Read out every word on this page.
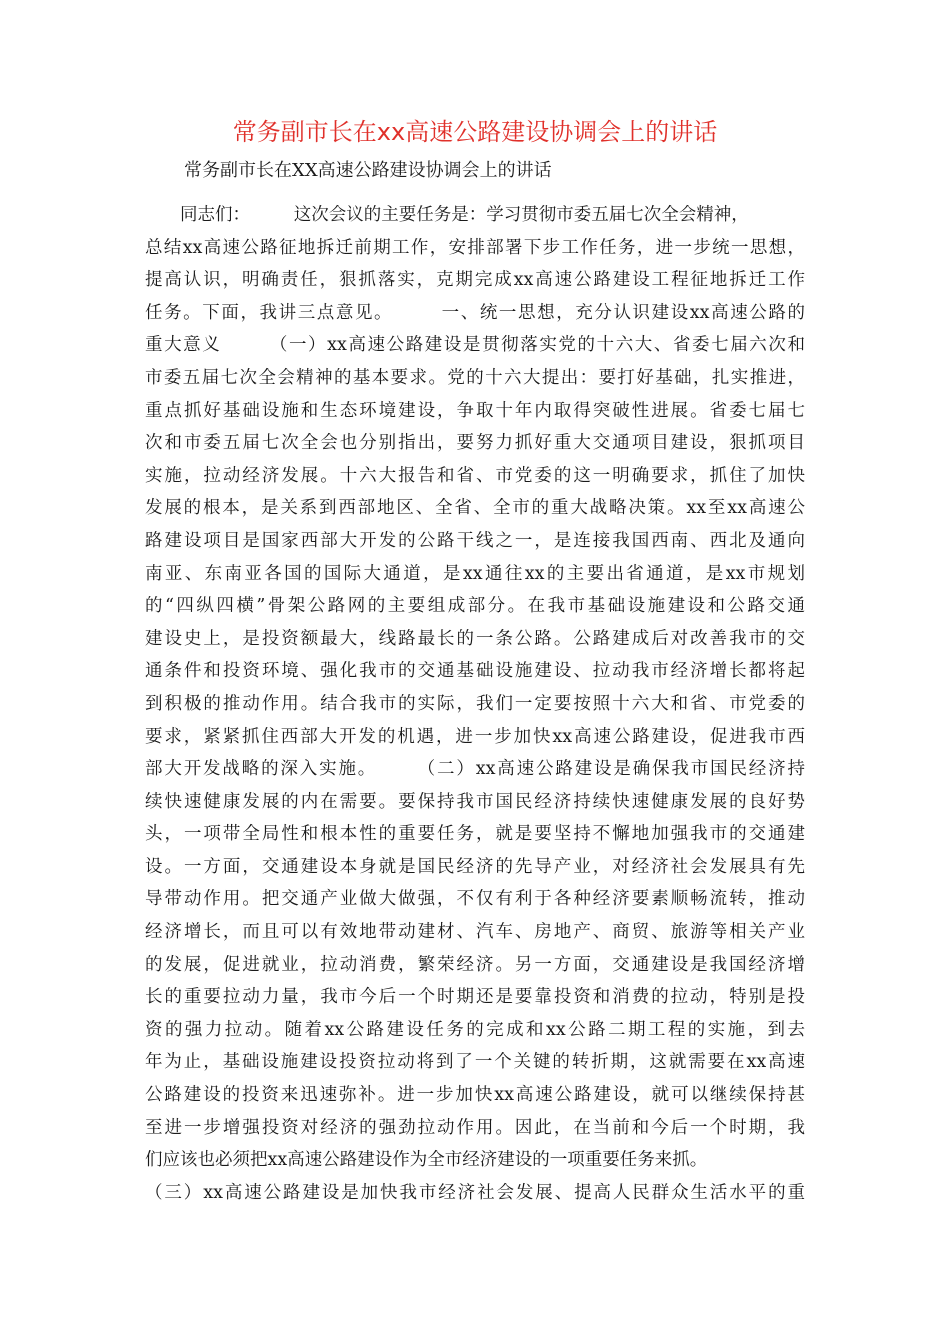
常务副市长在xx高速公路建设协调会上的讲话
常务副市长在XX高速公路建设协调会上的讲话
　　同志们：　　　这次会议的主要任务是：学习贯彻市委五届七次全会精神，
总结xx高速公路征地拆迁前期工作，安排部署下步工作任务，进一步统一思想，
提高认识，明确责任，狠抓落实，克期完成xx高速公路建设工程征地拆迁工作
任务。下面，我讲三点意见。　　　一、统一思想，充分认识建设xx高速公路的
重大意义　　　（一）xx高速公路建设是贯彻落实党的十六大、省委七届六次和
市委五届七次全会精神的基本要求。党的十六大提出：要打好基础，扎实推进，
重点抓好基础设施和生态环境建设，争取十年内取得突破性进展。省委七届七
次和市委五届七次全会也分别指出，要努力抓好重大交通项目建设，狠抓项目
实施，拉动经济发展。十六大报告和省、市党委的这一明确要求，抓住了加快
发展的根本，是关系到西部地区、全省、全市的重大战略决策。xx至xx高速公
路建设项目是国家西部大开发的公路干线之一，是连接我国西南、西北及通向
南亚、东南亚各国的国际大通道，是xx通往xx的主要出省通道，是xx市规划
的“四纵四横”骨架公路网的主要组成部分。在我市基础设施建设和公路交通
建设史上，是投资额最大，线路最长的一条公路。公路建成后对改善我市的交
通条件和投资环境、强化我市的交通基础设施建设、拉动我市经济增长都将起
到积极的推动作用。结合我市的实际，我们一定要按照十六大和省、市党委的
要求，紧紧抓住西部大开发的机遇，进一步加快xx高速公路建设，促进我市西
部大开发战略的深入实施。　　　（二）xx高速公路建设是确保我市国民经济持
续快速健康发展的内在需要。要保持我市国民经济持续快速健康发展的良好势
头，一项带全局性和根本性的重要任务，就是要坚持不懈地加强我市的交通建
设。一方面，交通建设本身就是国民经济的先导产业，对经济社会发展具有先
导带动作用。把交通产业做大做强，不仅有利于各种经济要素顺畅流转，推动
经济增长，而且可以有效地带动建材、汽车、房地产、商贸、旅游等相关产业
的发展，促进就业，拉动消费，繁荣经济。另一方面，交通建设是我国经济增
长的重要拉动力量，我市今后一个时期还是要靠投资和消费的拉动，特别是投
资的强力拉动。随着xx公路建设任务的完成和xx公路二期工程的实施，到去
年为止，基础设施建设投资拉动将到了一个关键的转折期，这就需要在xx高速
公路建设的投资来迅速弥补。进一步加快xx高速公路建设，就可以继续保持甚
至进一步增强投资对经济的强劲拉动作用。因此，在当前和今后一个时期，我
们应该也必须把xx高速公路建设作为全市经济建设的一项重要任务来抓。
（三）xx高速公路建设是加快我市经济社会发展、提高人民群众生活水平的重
